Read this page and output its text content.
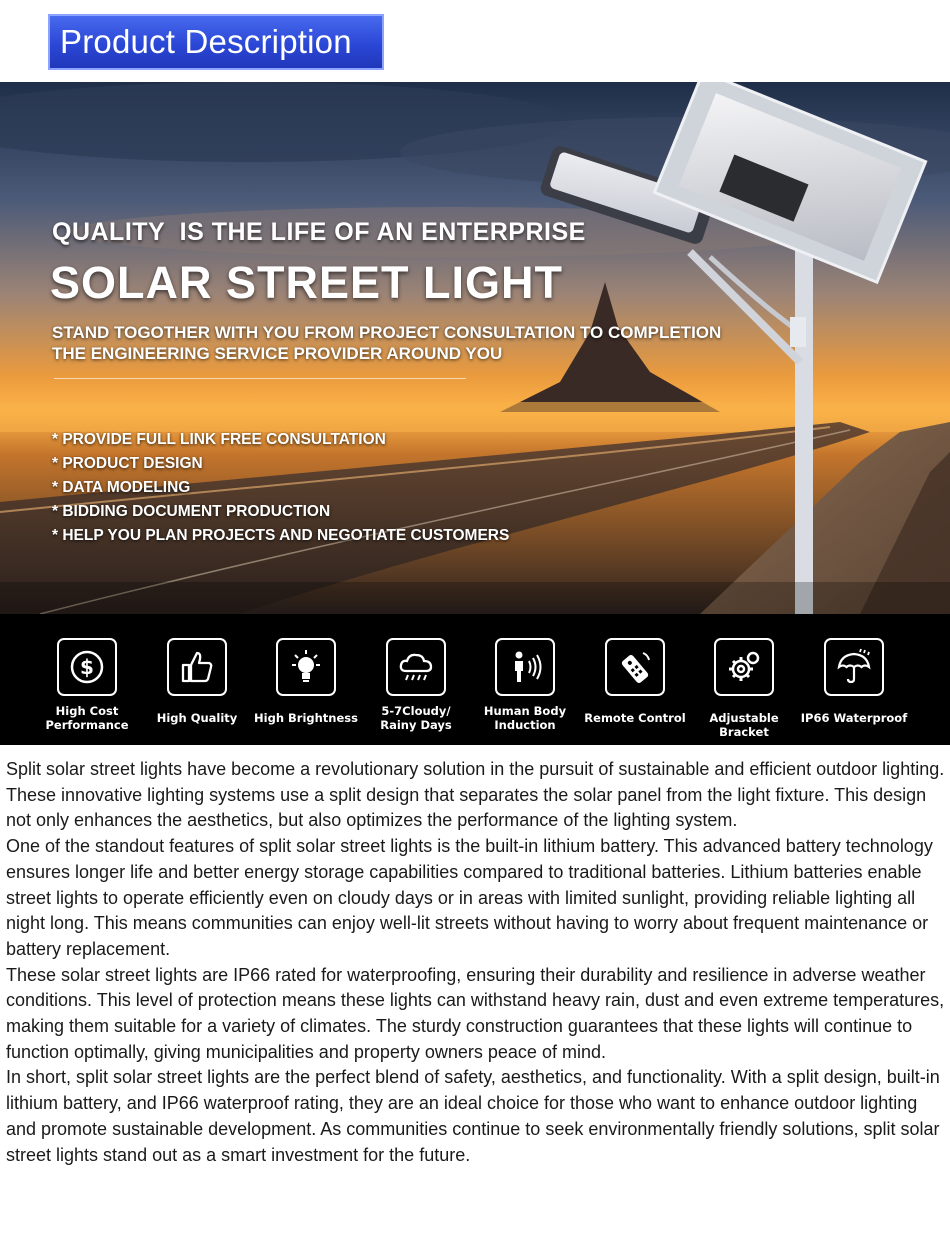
Product Description
QUALITY  IS THE LIFE OF AN ENTERPRISE
SOLAR STREET LIGHT
STAND TOGOTHER WITH YOU FROM PROJECT CONSULTATION TO COMPLETION
THE ENGINEERING SERVICE PROVIDER AROUND YOU
* PROVIDE FULL LINK FREE CONSULTATION
* PRODUCT DESIGN
* DATA MODELING
* BIDDING DOCUMENT PRODUCTION
* HELP YOU PLAN PROJECTS AND NEGOTIATE CUSTOMERS
$
High Cost
Performance	High Quality	High Brightness	5-7Cloudy/
Rainy Days
Human Body
Induction	Remote Control	Adjustable Bracket
IP66 Waterproof

Split solar street lights have become a revolutionary solution in the pursuit of sustainable and efficient outdoor lighting. These innovative lighting systems use a split design that separates the solar panel from the light fixture. This design not only enhances the aesthetics, but also optimizes the performance of the lighting system.

One of the standout features of split solar street lights is the built-in lithium battery. This advanced battery technology ensures longer life and better energy storage capabilities compared to traditional batteries. Lithium batteries enable street lights to operate efficiently even on cloudy days or in areas with limited sunlight, providing reliable lighting all night long. This means communities can enjoy well-lit streets without having to worry about frequent maintenance or battery replacement.

These solar street lights are IP66 rated for waterproofing, ensuring their durability and resilience in adverse weather conditions. This level of protection means these lights can withstand heavy rain, dust and even extreme temperatures, making them suitable for a variety of climates. The sturdy construction guarantees that these lights will continue to function optimally, giving municipalities and property owners peace of mind.

In short, split solar street lights are the perfect blend of safety, aesthetics, and functionality. With a split design, built-in lithium battery, and IP66 waterproof rating, they are an ideal choice for those who want to enhance outdoor lighting and promote sustainable development. As communities continue to seek environmentally friendly solutions, split solar street lights stand out as a smart investment for the future.
